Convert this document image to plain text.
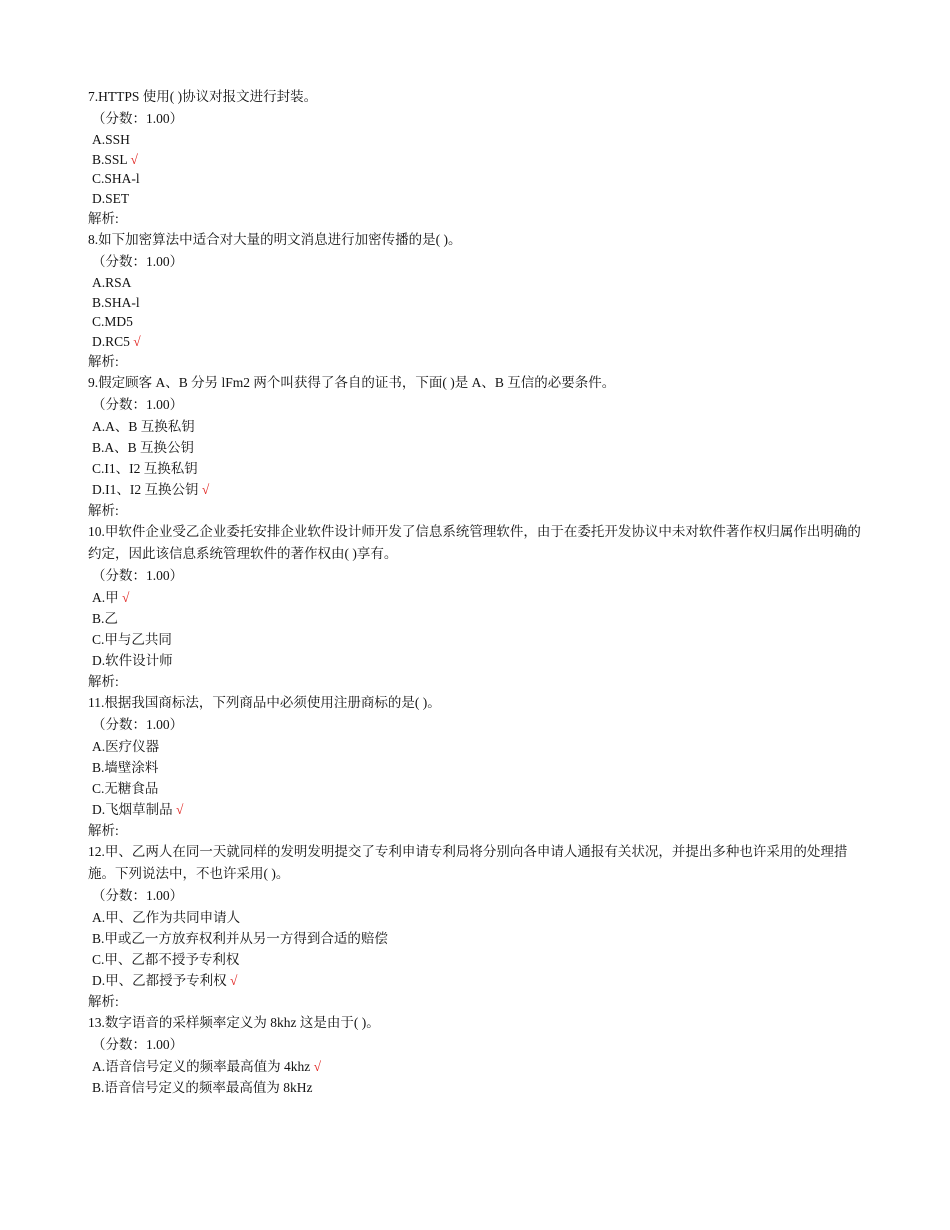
7.HTTPS 使用( )协议对报文进行封装。
（分数：1.00）
A.SSH
B.SSL √
C.SHA-l
D.SET
解析:
8.如下加密算法中适合对大量的明文消息进行加密传播的是( )。
（分数：1.00）
A.RSA
B.SHA-l
C.MD5
D.RC5 √
解析:
9.假定顾客 A、B 分另 lFm2 两个叫获得了各自的证书，下面( )是 A、B 互信的必要条件。
（分数：1.00）
A.A、B 互换私钥
B.A、B 互换公钥
C.I1、I2 互换私钥
D.I1、I2 互换公钥 √
解析:
10.甲软件企业受乙企业委托安排企业软件设计师开发了信息系统管理软件，由于在委托开发协议中未对软件著作权归属作出明确的约定，因此该信息系统管理软件的著作权由( )享有。
（分数：1.00）
A.甲 √
B.乙
C.甲与乙共同
D.软件设计师
解析:
11.根据我国商标法，下列商品中必须使用注册商标的是( )。
（分数：1.00）
A.医疗仪器
B.墙壁涂料
C.无糖食品
D.飞烟草制品 √
解析:
12.甲、乙两人在同一天就同样的发明发明提交了专利申请专利局将分别向各申请人通报有关状况，并提出多种也许采用的处理措施。下列说法中，不也许采用( )。
（分数：1.00）
A.甲、乙作为共同申请人
B.甲或乙一方放弃权利并从另一方得到合适的赔偿
C.甲、乙都不授予专利权
D.甲、乙都授予专利权 √
解析:
13.数字语音的采样频率定义为 8khz 这是由于( )。
（分数：1.00）
A.语音信号定义的频率最高值为 4khz √
B.语音信号定义的频率最高值为 8kHz
